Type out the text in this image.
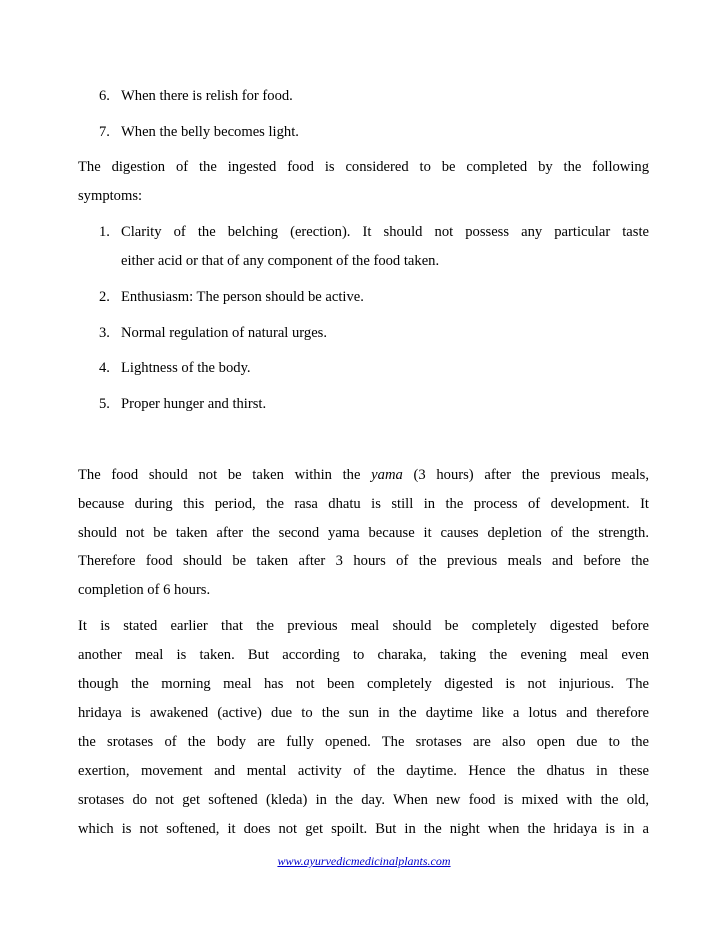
6. When there is relish for food.
7. When the belly becomes light.
The digestion of the ingested food is considered to be completed by the following
symptoms:
1. Clarity of the belching (erection). It should not possess any particular taste
either acid or that of any component of the food taken.
2. Enthusiasm: The person should be active.
3. Normal regulation of natural urges.
4. Lightness of the body.
5. Proper hunger and thirst.
The food should not be taken within the yama (3 hours) after the previous meals,
because during this period, the rasa dhatu is still in the process of development. It
should not be taken after the second yama because it causes depletion of the strength.
Therefore food should be taken after 3 hours of the previous meals and before the
completion of 6 hours.
It is stated earlier that the previous meal should be completely digested before
another meal is taken. But according to charaka, taking the evening meal even
though the morning meal has not been completely digested is not injurious. The
hridaya is awakened (active) due to the sun in the daytime like a lotus and therefore
the srotases of the body are fully opened. The srotases are also open due to the
exertion, movement and mental activity of the daytime. Hence the dhatus in these
srotases do not get softened (kleda) in the day. When new food is mixed with the old,
which is not softened, it does not get spoilt. But in the night when the hridaya is in a
www.ayurvedicmedicinalplants.com
